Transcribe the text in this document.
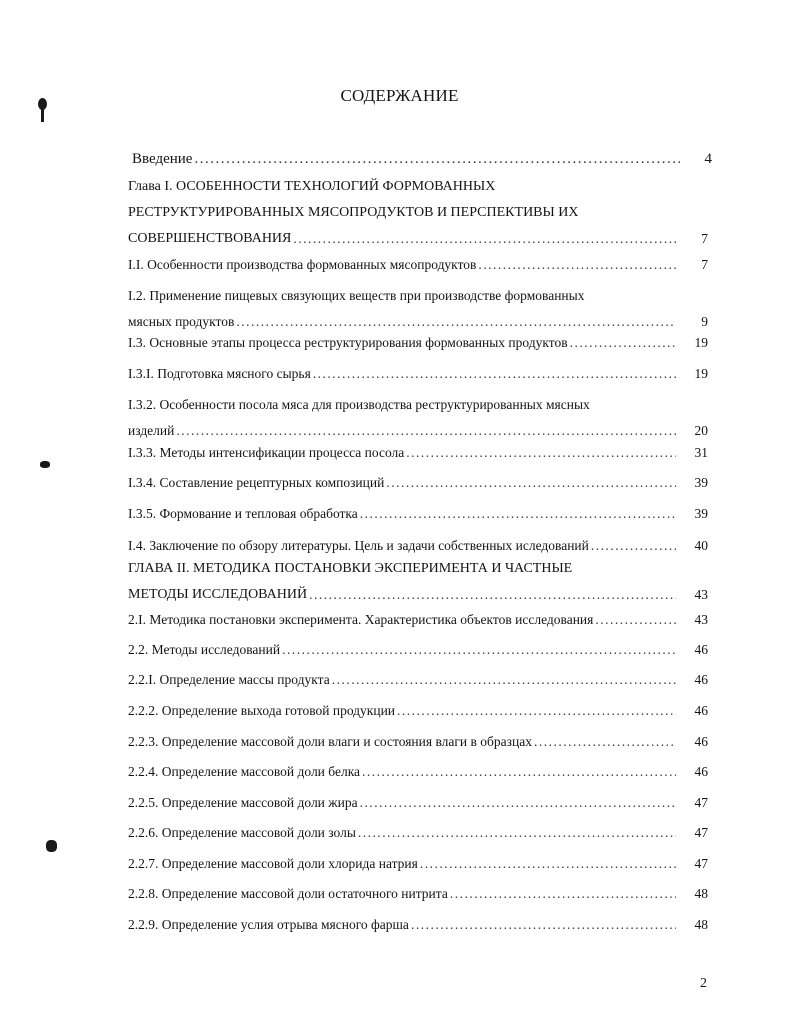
СОДЕРЖАНИЕ
Введение .....	4
Глава I. ОСОБЕННОСТИ ТЕХНОЛОГИЙ ФОРМОВАННЫХ
РЕСТРУКТУРИРОВАННЫХ МЯСОПРОДУКТОВ И ПЕРСПЕКТИВЫ ИХ
СОВЕРШЕНСТВОВАНИЯ .....	7
I.I. Особенности производства формованных мясопродуктов .....	7
I.2. Применение пищевых связующих веществ при производстве формованных
мясных продуктов .....	9
I.3. Основные этапы процесса реструктурирования формованных продуктов .....	19
I.3.I. Подготовка мясного сырья .....	19
I.3.2. Особенности посола мяса для производства реструктурированных мясных
изделий .....	20
I.3.3. Методы интенсификации процесса посола .....	31
I.3.4. Составление рецептурных композиций .....	39
I.3.5. Формование и тепловая обработка .....	39
I.4. Заключение по обзору литературы. Цель и задачи собственных иследований .....	40
ГЛАВА II. МЕТОДИКА ПОСТАНОВКИ ЭКСПЕРИМЕНТА И ЧАСТНЫЕ
МЕТОДЫ ИССЛЕДОВАНИЙ .....	43
2.I. Методика постановки эксперимента. Характеристика объектов исследования .....	43
2.2. Методы исследований .....	46
2.2.I. Определение массы продукта .....	46
2.2.2. Определение выхода готовой продукции .....	46
2.2.3. Определение массовой доли влаги и состояния влаги в образцах .....	46
2.2.4. Определение массовой доли белка .....	46
2.2.5. Определение массовой доли жира .....	47
2.2.6. Определение массовой доли золы .....	47
2.2.7. Определение массовой доли хлорида натрия .....	47
2.2.8. Определение массовой доли остаточного нитрита .....	48
2.2.9. Определение услия отрыва мясного фарша .....	48
2
